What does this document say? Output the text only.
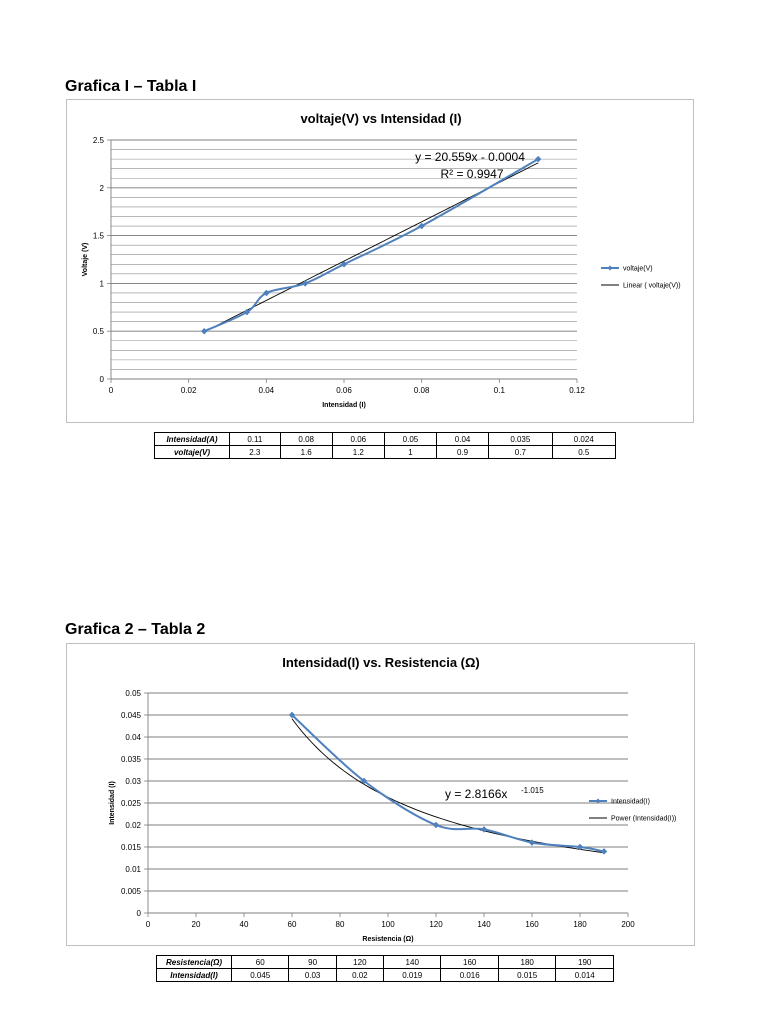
Grafica I – Tabla I
0
0.5
1
1.5
2
2.5
0	0.02	0.04	0.06	0.08	0.1	0.12
voltaje(V) vs Intensidad (I)
Intensidad (I)
Voltaje (V)	voltaje(V)
Linear ( voltaje(V))
y = 20.559x - 0.0004
R² = 0.9947
Intensidad(A)	0.11	0.08	0.06	0.05	0.04	0.035	0.024
voltaje(V)	2.3	1.6	1.2	1	0.9	0.7	0.5
Grafica 2 – Tabla 2
0
0.005
0.01
0.015
0.02
0.025
0.03
0.035
0.04
0.045
0.05
0	20	40	60	80	100	120	140	160	180	200
Intensidad(I) vs. Resistencia (Ω)
Resistencia (Ω)
Intensidad (I)	Intensidad(I)
Power (Intensidad(I))
y = 2.8166x -1.015
Resistencia(Ω)	60	90	120	140	160	180	190
Intensidad(I)	0.045	0.03	0.02	0.019	0.016	0.015	0.014
